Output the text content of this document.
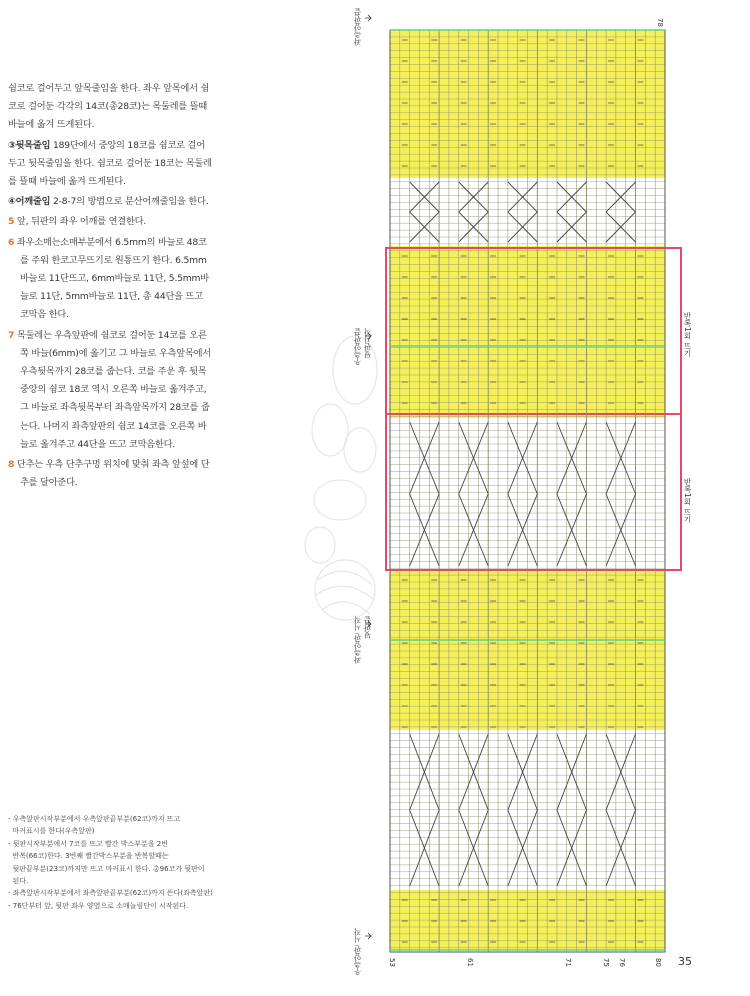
쉼코로 걸어두고 앞목줄임을 한다. 좌우 앞목에서 쉼코로 걸어둔 각각의 14코(총28코)는 목둘레를 뜰때 바늘에 옮겨 뜨게된다.

③뒷목줄임 189단에서 중앙의 18코를 쉼코로 걸어두고 뒷목줄임을 한다. 쉼코로 걸어둔 18코는 목둘레를 뜰때 바늘에 옮겨 뜨게된다.

④어깨줄임 2-8-7의 방법으로 분산어깨줄임을 한다.

5 앞, 뒤판의 좌우 어깨를 연결한다.

6 좌우소매는소매부분에서 6.5mm의 바늘로 48코를 주워 한코고무뜨기로 원통뜨기 한다. 6.5mm바늘로 11단뜨고, 6mm바늘로 11단, 5.5mm바늘로 11단, 5mm바늘로 11단, 총 44단을 뜨고 코막음 한다.

7 목둘레는 우측앞판에 쉼코로 걸어둔 14코를 오른쪽 바늘(6mm)에 옮기고 그 바늘로 우측앞목에서 우측뒷목까지 28코를 줍는다. 코를 주운 후 뒷목중앙의 쉼코 18코 역시 오른쪽 바늘로 옮겨주고, 그 바늘로 좌측뒷목부터 좌측앞목까지 28코를 줍는다. 나머지 좌측앞판의 쉼코 14코를 오른쪽 바늘로 옮겨주고 44단을 뜨고 코막음한다.

8 단추는 우측 단추구멍 위치에 맞춰 좌측 앞섶에 단추를 달아준다.

- 우측앞판시작부분에서 우측앞판끝부분(62코)까지 뜨고
마커표시를 한다(우측앞판)
- 뒷판시작부분에서 7코를 뜨고 빨간 박스부분을 2번
반복(66코)한다. 3번째 빨간박스부분을 반복할때는
뒷판끝부분(23코)까지만 뜨고 마커표시 한다. 총96코가 뒷판이
된다.
- 좌측앞판시작부분에서 좌측앞판끝부분(62코)까지 뜬다(좌측앞판)
- 76단부터 앞, 뒷판 좌우 양옆으로 소매늘림단이 시작된다.
78
53	61	71	75 76	80
좌측앞판끝
우측앞판끝 뒷판시작
좌측앞판 시작 뒷판끝
우측앞판 시작
반복1회 뜨기
반복1회 뜨기
35
